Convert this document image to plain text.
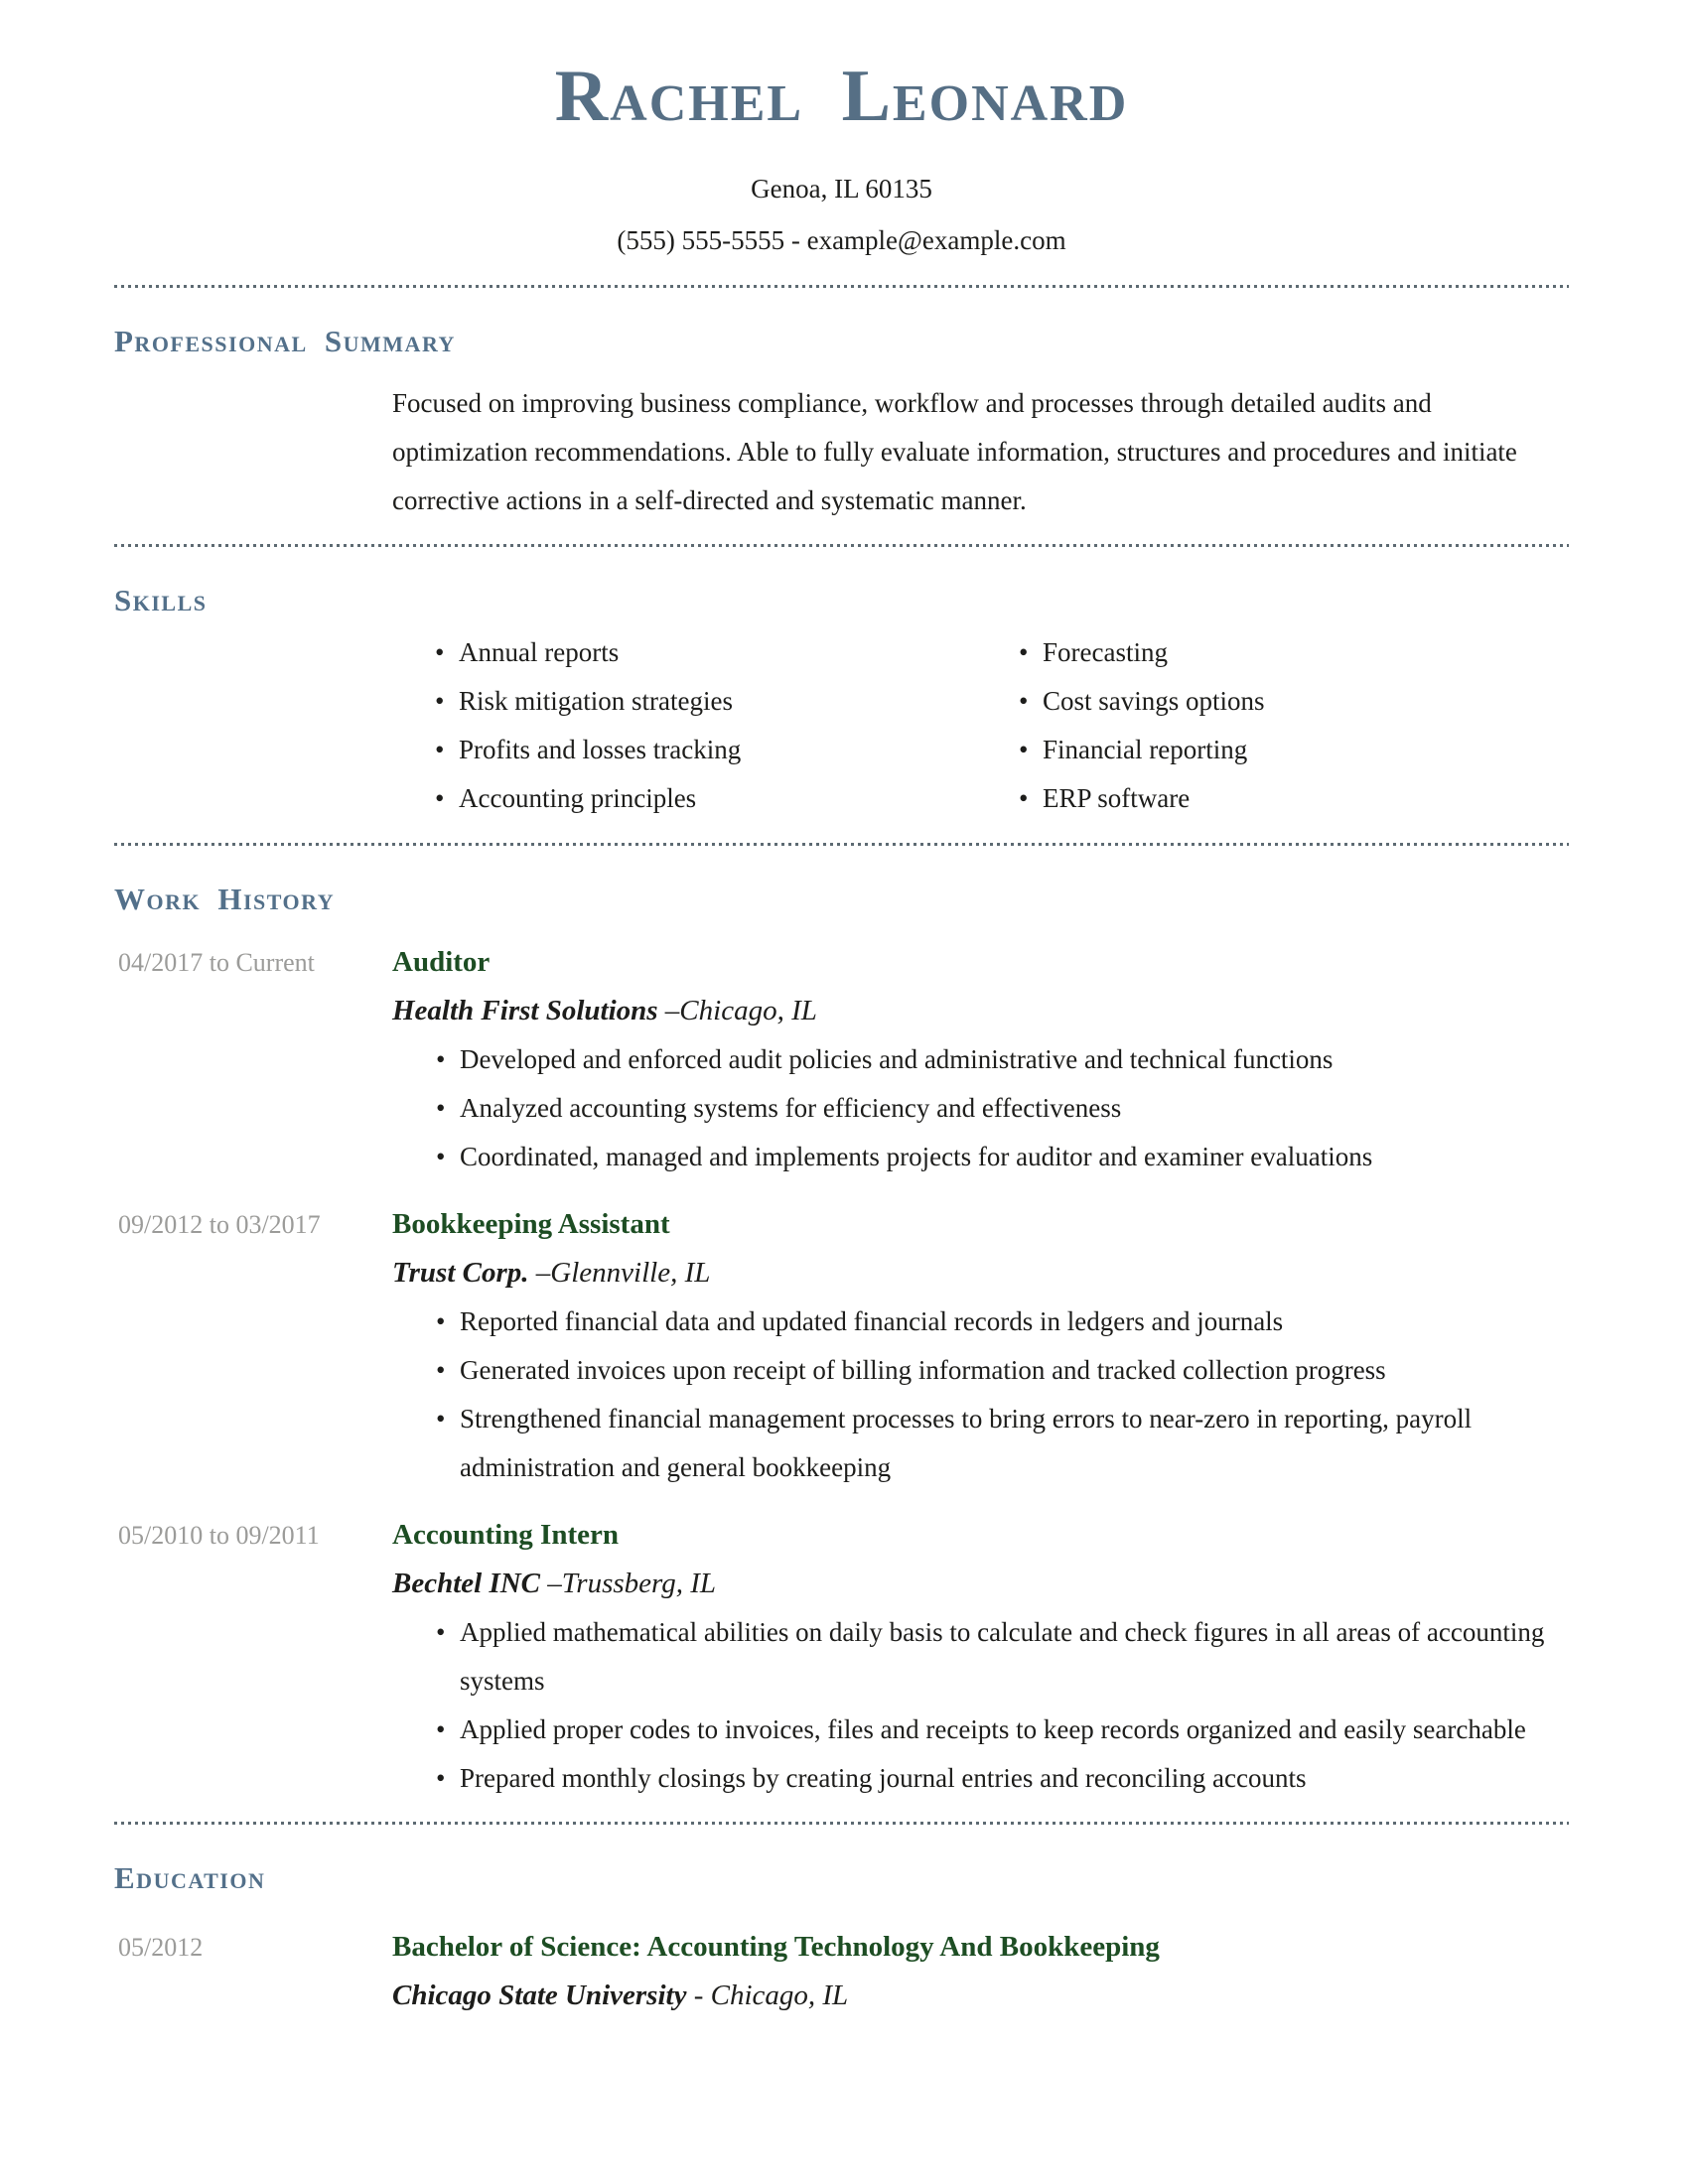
Rachel Leonard
Genoa, IL 60135
(555) 555-5555 - example@example.com
Professional Summary

Focused on improving business compliance, workflow and processes through detailed audits and optimization recommendations. Able to fully evaluate information, structures and procedures and initiate corrective actions in a self-directed and systematic manner.

Skills
• Annual reports
• Risk mitigation strategies
• Profits and losses tracking
• Accounting principles
• Forecasting
• Cost savings options
• Financial reporting
• ERP software
Work History
04/2017 to Current	Auditor
Health First Solutions –Chicago, IL
• Developed and enforced audit policies and administrative and technical functions
• Analyzed accounting systems for efficiency and effectiveness
• Coordinated, managed and implements projects for auditor and examiner evaluations
09/2012 to 03/2017	Bookkeeping Assistant
Trust Corp. –Glennville, IL
• Reported financial data and updated financial records in ledgers and journals
• Generated invoices upon receipt of billing information and tracked collection progress
• Strengthened financial management processes to bring errors to near-zero in reporting, payroll administration and general bookkeeping
05/2010 to 09/2011	Accounting Intern
Bechtel INC –Trussberg, IL
• Applied mathematical abilities on daily basis to calculate and check figures in all areas of accounting systems
• Applied proper codes to invoices, files and receipts to keep records organized and easily searchable
• Prepared monthly closings by creating journal entries and reconciling accounts
Education
05/2012	Bachelor of Science: Accounting Technology And Bookkeeping
Chicago State University - Chicago, IL
